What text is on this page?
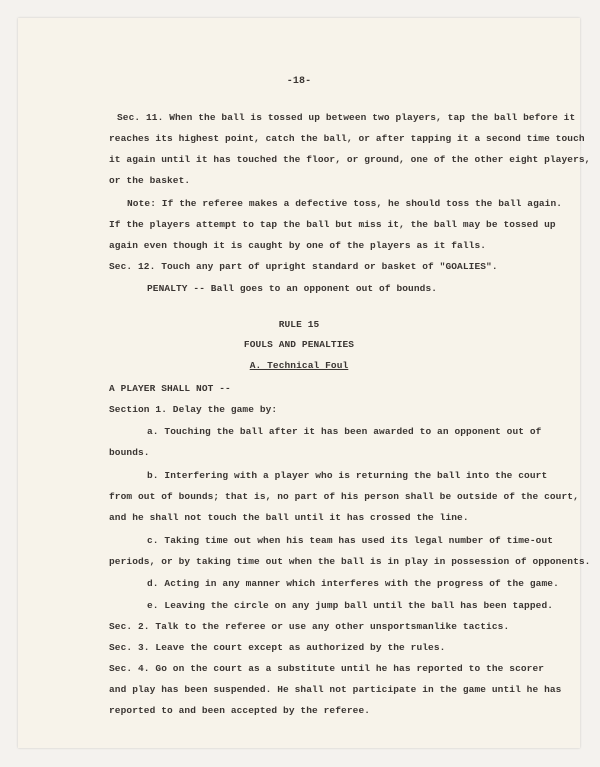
-18-
Sec. 11. When the ball is tossed up between two players, tap the ball before it
reaches its highest point, catch the ball, or after tapping it a second time touch
it again until it has touched the floor, or ground, one of the other eight players,
or the basket.
Note: If the referee makes a defective toss, he should toss the ball again.
If the players attempt to tap the ball but miss it, the ball may be tossed up
again even though it is caught by one of the players as it falls.
Sec. 12. Touch any part of upright standard or basket of "GOALIES".
PENALTY -- Ball goes to an opponent out of bounds.
RULE 15
FOULS AND PENALTIES
A. Technical Foul
A PLAYER SHALL NOT --
Section 1. Delay the game by:
a. Touching the ball after it has been awarded to an opponent out of
bounds.
b. Interfering with a player who is returning the ball into the court
from out of bounds; that is, no part of his person shall be outside of the court,
and he shall not touch the ball until it has crossed the line.
c. Taking time out when his team has used its legal number of time-out
periods, or by taking time out when the ball is in play in possession of opponents.
d. Acting in any manner which interferes with the progress of the game.
e. Leaving the circle on any jump ball until the ball has been tapped.
Sec. 2. Talk to the referee or use any other unsportsmanlike tactics.
Sec. 3. Leave the court except as authorized by the rules.
Sec. 4. Go on the court as a substitute until he has reported to the scorer
and play has been suspended. He shall not participate in the game until he has
reported to and been accepted by the referee.
